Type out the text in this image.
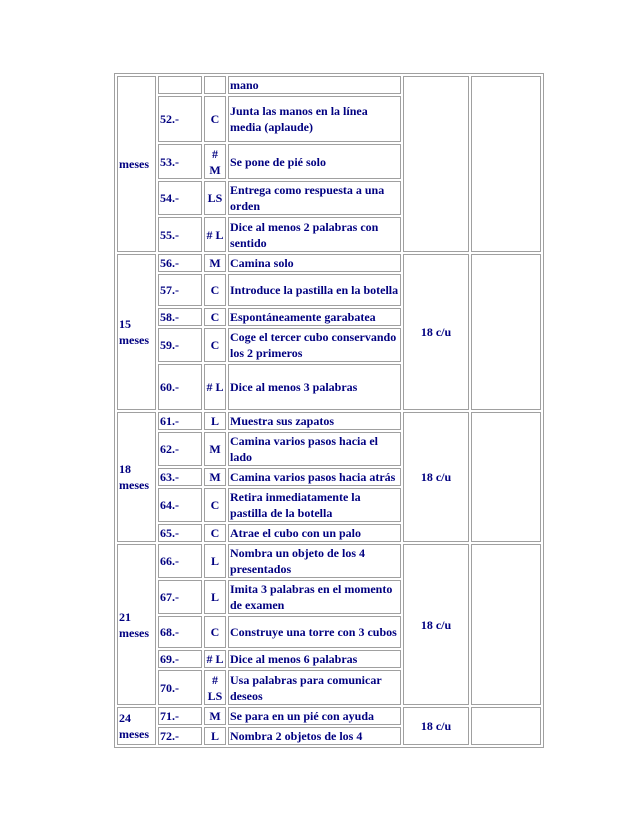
meses			mano		
	52.-	C	Junta las manos en la línea media (aplaude)		
	53.-	# M	Se pone de pié solo		
	54.-	LS	Entrega como respuesta a una orden		
	55.-	# L	Dice al menos 2 palabras con sentido		
15 meses	56.-	M	Camina solo	18 c/u	
	57.-	C	Introduce la pastilla en la botella		
	58.-	C	Espontáneamente garabatea		
	59.-	C	Coge el tercer cubo conservando los 2 primeros		
	60.-	# L	Dice al menos 3 palabras		
18 meses	61.-	L	Muestra sus zapatos	18 c/u	
	62.-	M	Camina varios pasos hacia el lado		
	63.-	M	Camina varios pasos hacia atrás		
	64.-	C	Retira inmediatamente la pastilla de la botella		
	65.-	C	Atrae el cubo con un palo		
21 meses	66.-	L	Nombra un objeto de los 4 presentados	18 c/u	
	67.-	L	Imita 3 palabras en el momento de examen		
	68.-	C	Construye una torre con 3 cubos		
	69.-	# L	Dice al menos 6 palabras		
	70.-	# LS	Usa palabras para comunicar deseos		
24 meses	71.-	M	Se para en un pié con ayuda	18 c/u	
	72.-	L	Nombra 2 objetos de los 4		
